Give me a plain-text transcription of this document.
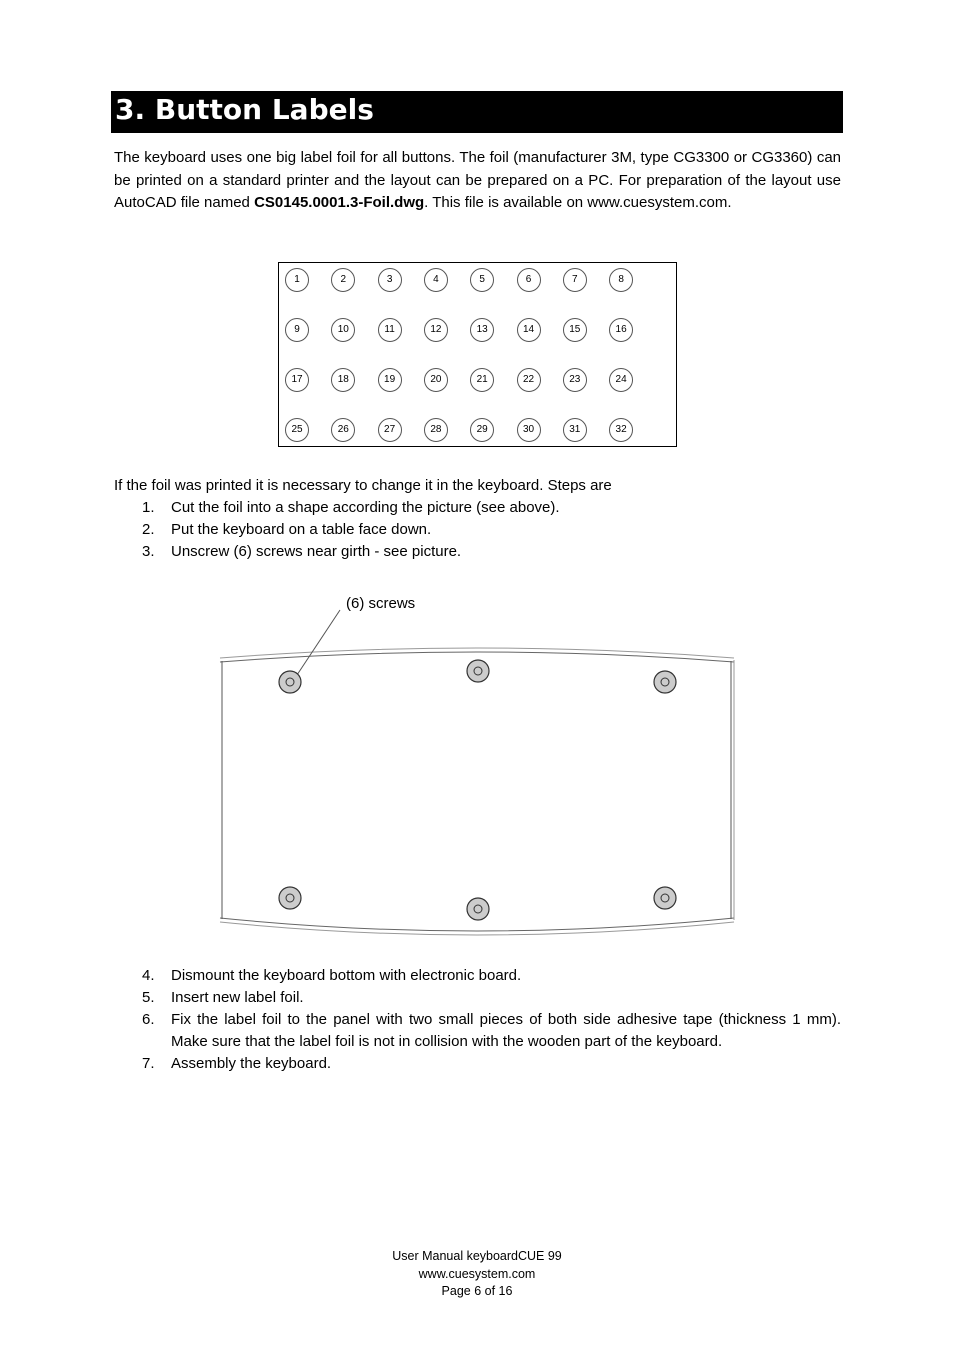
3. Button Labels

The keyboard uses one big label foil for all buttons. The foil (manufacturer 3M, type CG3300 or CG3360) can be printed on a standard printer and the layout can be prepared on a PC. For preparation of the layout use AutoCAD file named CS0145.0001.3-Foil.dwg. This file is available on www.cuesystem.com.

1	2	3	4	5	6	7	8
9	10	11	12	13	14	15	16
17	18	19	20	21	22	23	24
25	26	27	28	29	30	31	32

If the foil was printed it is necessary to change it in the keyboard. Steps are

1.	Cut the foil into a shape according the picture (see above).
2.	Put the keyboard on a table face down.
3.	Unscrew (6) screws near girth - see picture.
(6) screws
4.	Dismount the keyboard bottom with electronic board.
5.	Insert new label foil.
6.	Fix the label foil to the panel with two small pieces of both side adhesive tape (thickness 1 mm). Make sure that the label foil is not in collision with the wooden part of the keyboard.
7.	Assembly the keyboard.
User Manual keyboardCUE 99
www.cuesystem.com
Page 6 of 16
